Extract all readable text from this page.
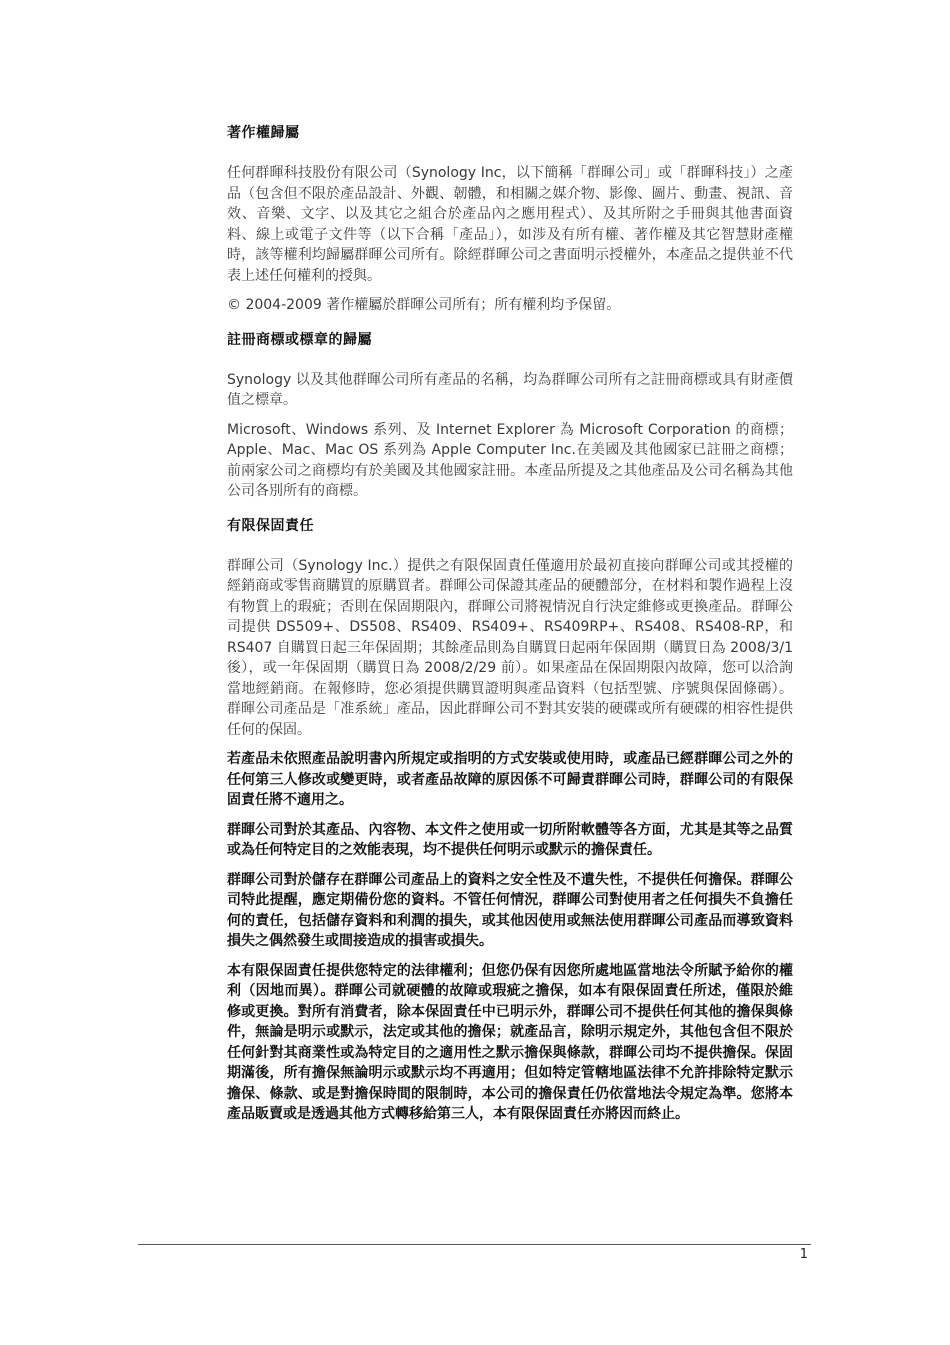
著作權歸屬

任何群暉科技股份有限公司（Synology Inc，以下簡稱「群暉公司」或「群暉科技」）之產品（包含但不限於產品設計、外觀、韌體，和相關之媒介物、影像、圖片、動畫、視訊、音效、音樂、文字、以及其它之組合於產品內之應用程式）、及其所附之手冊與其他書面資料、線上或電子文件等（以下合稱「產品」），如涉及有所有權、著作權及其它智慧財產權時，該等權利均歸屬群暉公司所有。除經群暉公司之書面明示授權外，本產品之提供並不代表上述任何權利的授與。

© 2004-2009 著作權屬於群暉公司所有；所有權利均予保留。

註冊商標或標章的歸屬

Synology 以及其他群暉公司所有產品的名稱，均為群暉公司所有之註冊商標或具有財產價值之標章。

Microsoft、Windows 系列、及 Internet Explorer 為 Microsoft Corporation 的商標；Apple、Mac、Mac OS 系列為 Apple Computer Inc.在美國及其他國家已註冊之商標；前兩家公司之商標均有於美國及其他國家註冊。本產品所提及之其他產品及公司名稱為其他公司各別所有的商標。

有限保固責任

群暉公司（Synology Inc.）提供之有限保固責任僅適用於最初直接向群暉公司或其授權的經銷商或零售商購買的原購買者。群暉公司保證其產品的硬體部分，在材料和製作過程上沒有物質上的瑕疵；否則在保固期限內，群暉公司將視情況自行決定維修或更換產品。群暉公司提供 DS509+、DS508、RS409、RS409+、RS409RP+、RS408、RS408-RP，和 RS407 自購買日起三年保固期；其餘產品則為自購買日起兩年保固期（購買日為 2008/3/1 後），或一年保固期（購買日為 2008/2/29 前）。如果產品在保固期限內故障，您可以洽詢當地經銷商。在報修時，您必須提供購買證明與產品資料（包括型號、序號與保固條碼）。群暉公司產品是「准系統」產品，因此群暉公司不對其安裝的硬碟或所有硬碟的相容性提供任何的保固。

若產品未依照產品說明書內所規定或指明的方式安裝或使用時，或產品已經群暉公司之外的任何第三人修改或變更時，或者產品故障的原因係不可歸責群暉公司時，群暉公司的有限保固責任將不適用之。

群暉公司對於其產品、內容物、本文件之使用或一切所附軟體等各方面，尤其是其等之品質或為任何特定目的之效能表現，均不提供任何明示或默示的擔保責任。

群暉公司對於儲存在群暉公司產品上的資料之安全性及不遺失性，不提供任何擔保。群暉公司特此提醒，應定期備份您的資料。不管任何情況，群暉公司對使用者之任何損失不負擔任何的責任，包括儲存資料和利潤的損失，或其他因使用或無法使用群暉公司產品而導致資料損失之偶然發生或間接造成的損害或損失。

本有限保固責任提供您特定的法律權利；但您仍保有因您所處地區當地法令所賦予給你的權利（因地而異）。群暉公司就硬體的故障或瑕疵之擔保，如本有限保固責任所述，僅限於維修或更換。對所有消費者，除本保固責任中已明示外，群暉公司不提供任何其他的擔保與條件，無論是明示或默示，法定或其他的擔保；就產品言，除明示規定外，其他包含但不限於任何針對其商業性或為特定目的之適用性之默示擔保與條款，群暉公司均不提供擔保。保固期滿後，所有擔保無論明示或默示均不再適用；但如特定管轄地區法律不允許排除特定默示擔保、條款、或是對擔保時間的限制時，本公司的擔保責任仍依當地法令規定為準。您將本產品販賣或是透過其他方式轉移給第三人，本有限保固責任亦將因而終止。

1
